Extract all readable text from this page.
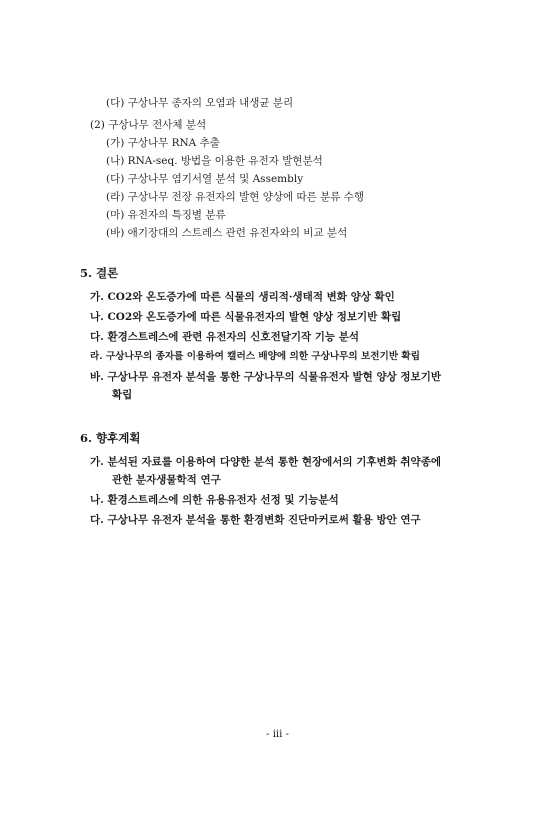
(다) 구상나무 종자의 오염과 내생균 분리
(2) 구상나무 전사체 분석
(가) 구상나무 RNA 추출
(나) RNA-seq. 방법을 이용한 유전자 발현분석
(다) 구상나무 염기서열 분석 및 Assembly
(라) 구상나무 전장 유전자의 발현 양상에 따른 분류 수행
(마) 유전자의 특징별 분류
(바) 애기장대의 스트레스 관련 유전자와의 비교 분석
5. 결론
가. CO2와 온도증가에 따른 식물의 생리적·생태적 변화 양상 확인
나. CO2와 온도증가에 따른 식물유전자의 발현 양상 정보기반 확립
다. 환경스트레스에 관련 유전자의 신호전달기작 기능 분석
라. 구상나무의 종자를 이용하여 캘러스 배양에 의한 구상나무의 보전기반 확립
바. 구상나무 유전자 분석을 통한 구상나무의 식물유전자 발현 양상 정보기반
확립
6. 향후계획
가. 분석된 자료를 이용하여 다양한 분석 통한 현장에서의 기후변화 취약종에
관한 분자생물학적 연구
나. 환경스트레스에 의한 유용유전자 선정 및 기능분석
다. 구상나무 유전자 분석을 통한 환경변화 진단마커로써 활용 방안 연구
- iii -
